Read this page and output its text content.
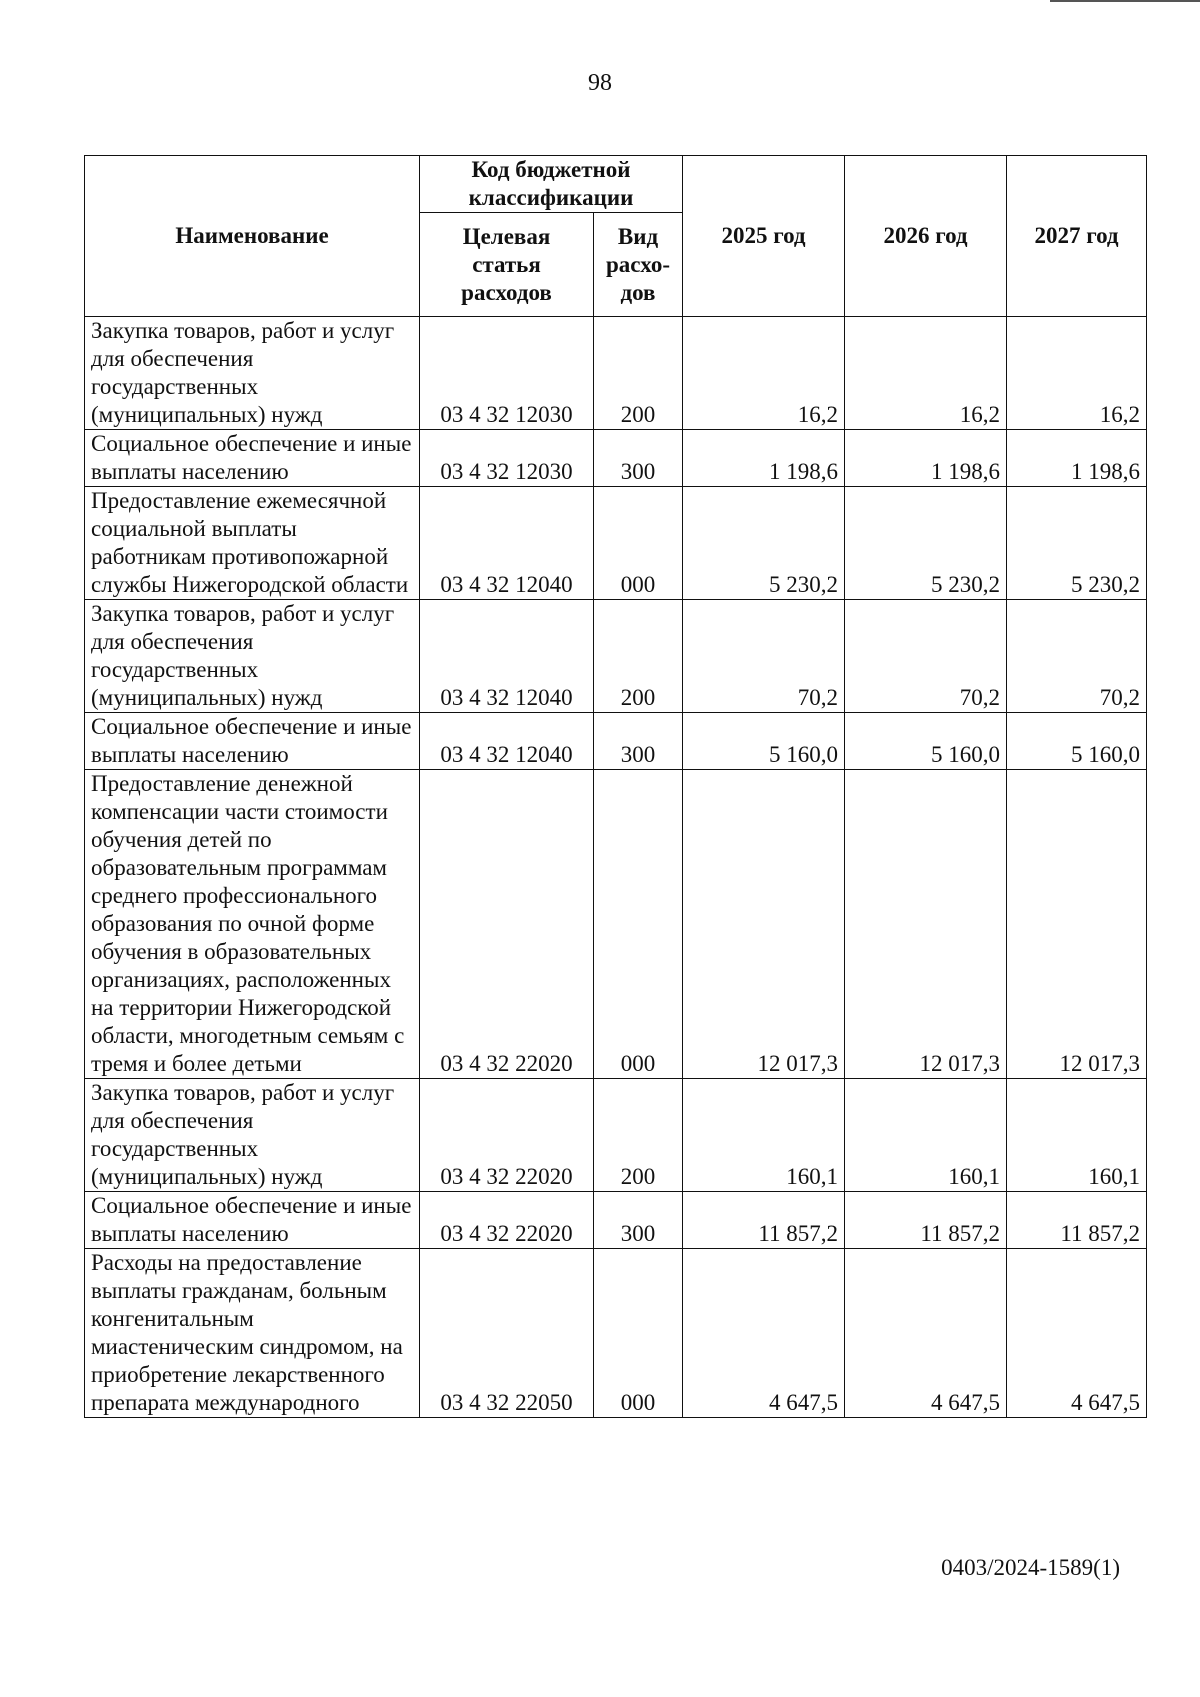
98
Наименование	Код бюджетной классификации		2025 год	2026 год	2027 год
	Целевая статья расходов	Вид расхо-дов			
Закупка товаров, работ и услуг для обеспечения государственных (муниципальных) нужд	03 4 32 12030	200	16,2	16,2	16,2
Социальное обеспечение и иные выплаты населению	03 4 32 12030	300	1 198,6	1 198,6	1 198,6
Предоставление ежемесячной социальной выплаты работникам противопожарной службы Нижегородской области	03 4 32 12040	000	5 230,2	5 230,2	5 230,2
Закупка товаров, работ и услуг для обеспечения государственных (муниципальных) нужд	03 4 32 12040	200	70,2	70,2	70,2
Социальное обеспечение и иные выплаты населению	03 4 32 12040	300	5 160,0	5 160,0	5 160,0
Предоставление денежной компенсации части стоимости обучения детей по образовательным программам среднего профессионального образования по очной форме обучения в образовательных организациях, расположенных на территории Нижегородской области, многодетным семьям с тремя и более детьми	03 4 32 22020	000	12 017,3	12 017,3	12 017,3
Закупка товаров, работ и услуг для обеспечения государственных (муниципальных) нужд	03 4 32 22020	200	160,1	160,1	160,1
Социальное обеспечение и иные выплаты населению	03 4 32 22020	300	11 857,2	11 857,2	11 857,2
Расходы на предоставление выплаты гражданам, больным конгенитальным миастеническим синдромом, на приобретение лекарственного препарата международного	03 4 32 22050	000	4 647,5	4 647,5	4 647,5
0403/2024-1589(1)
